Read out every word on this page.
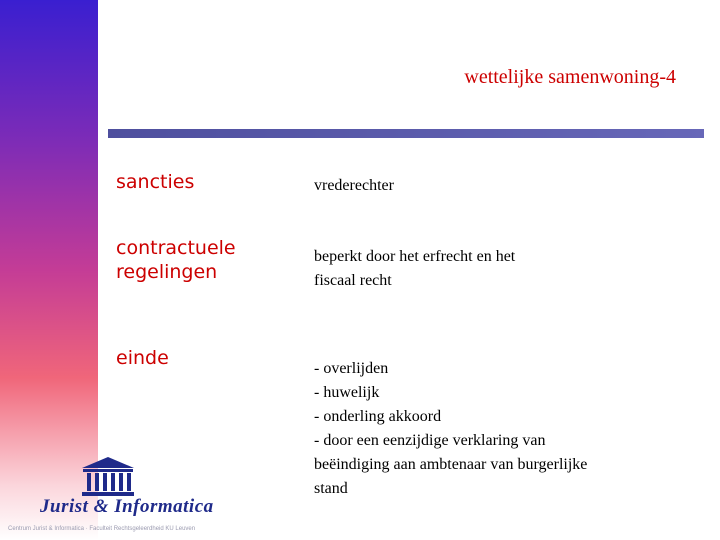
wettelijke samenwoning-4
sancties	vrederechter
contractuele
regelingen
beperkt door het erfrecht en het
fiscaal recht
einde	- overlijden
- huwelijk
- onderling akkoord
- door een eenzijdige verklaring van
beëindiging aan ambtenaar van burgerlijke
stand
Jurist & Informatica
Centrum Jurist & Informatica · Faculteit Rechtsgeleerdheid KU Leuven
